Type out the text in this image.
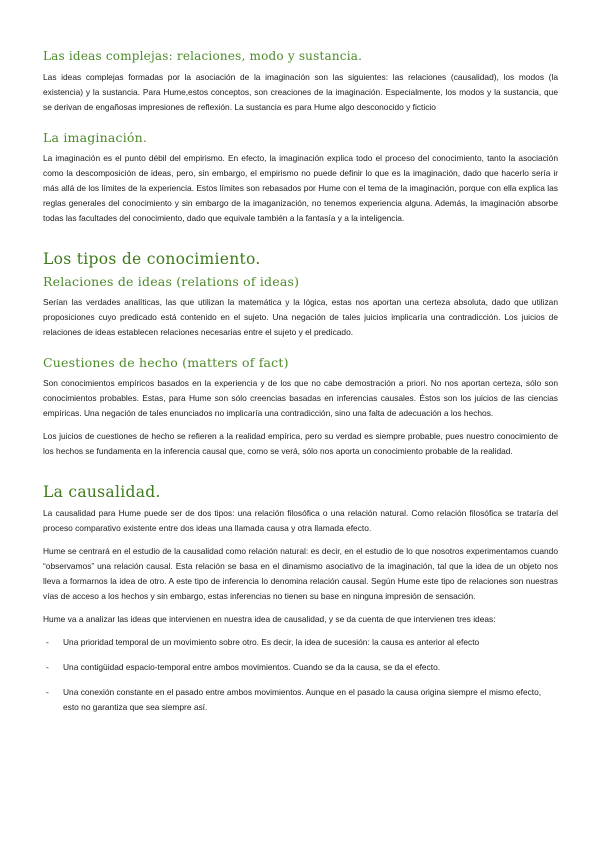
Las ideas complejas: relaciones, modo y sustancia.

Las ideas complejas formadas por la asociación de la imaginación son las siguientes: las relaciones (causalidad), los modos (la existencia) y la sustancia. Para Hume,estos conceptos, son creaciones de la imaginación. Especialmente, los modos y la sustancia, que se derivan de engañosas impresiones de reflexión. La sustancia es para Hume algo desconocido y ficticio

La imaginación.

La imaginación es el punto débil del empirismo. En efecto, la imaginación explica todo el proceso del conocimiento, tanto la asociación como la descomposición de ideas, pero, sin embargo, el empirismo no puede definir lo que es la imaginación, dado que hacerlo sería ir más allá de los límites de la experiencia. Estos límites son rebasados por Hume con el tema de la imaginación, porque con ella explica las reglas generales del conocimiento y sin embargo de la imaganización, no tenemos experiencia alguna. Además, la imaginación absorbe todas las facultades del conocimiento, dado que equivale también a la fantasía y a la inteligencia.

Los tipos de conocimiento.
Relaciones de ideas (relations of ideas)

Serían las verdades analíticas, las que utilizan la matemática y la lógica, estas nos aportan una certeza absoluta, dado que utilizan proposiciones cuyo predicado está contenido en el sujeto. Una negación de tales juicios implicaría una contradicción. Los juicios de relaciones de ideas establecen relaciones necesarias entre el sujeto y el predicado.

Cuestiones de hecho (matters of fact)

Son conocimientos empíricos basados en la experiencia y de los que no cabe demostración a priori. No nos aportan certeza, sólo son conocimientos probables. Estas, para Hume son sólo creencias basadas en inferencias causales. Éstos son los juicios de las ciencias empíricas. Una negación de tales enunciados no implicaría una contradicción, sino una falta de adecuación a los hechos.

Los juicios de cuestiones de hecho se refieren a la realidad empírica, pero su verdad es siempre probable, pues nuestro conocimiento de los hechos se fundamenta en la inferencia causal que, como se verá, sólo nos aporta un conocimiento probable de la realidad.

La causalidad.

La causalidad para Hume puede ser de dos tipos: una relación filosófica o una relación natural. Como relación filosófica se trataría del proceso comparativo existente entre dos ideas una llamada causa y otra llamada efecto.

Hume se centrará en el estudio de la causalidad como relación natural: es decir, en el estudio de lo que nosotros experimentamos cuando “observamos” una relación causal. Esta relación se basa en el dinamismo asociativo de la imaginación, tal que la idea de un objeto nos lleva a formarnos la idea de otro. A este tipo de inferencia lo denomina relación causal. Según Hume este tipo de relaciones son nuestras vías de acceso a los hechos y sin embargo, estas inferencias no tienen su base en ninguna impresión de sensación.

Hume va a analizar las ideas que intervienen en nuestra idea de causalidad, y se da cuenta de que intervienen tres ideas:

- Una prioridad temporal de un movimiento sobre otro. Es decir, la idea de sucesión: la causa es anterior al efecto
- Una contigüidad espacio-temporal entre ambos movimientos. Cuando se da la causa, se da el efecto.
- Una conexión constante en el pasado entre ambos movimientos. Aunque en el pasado la causa origina siempre el mismo efecto, esto no garantiza que sea siempre así.
